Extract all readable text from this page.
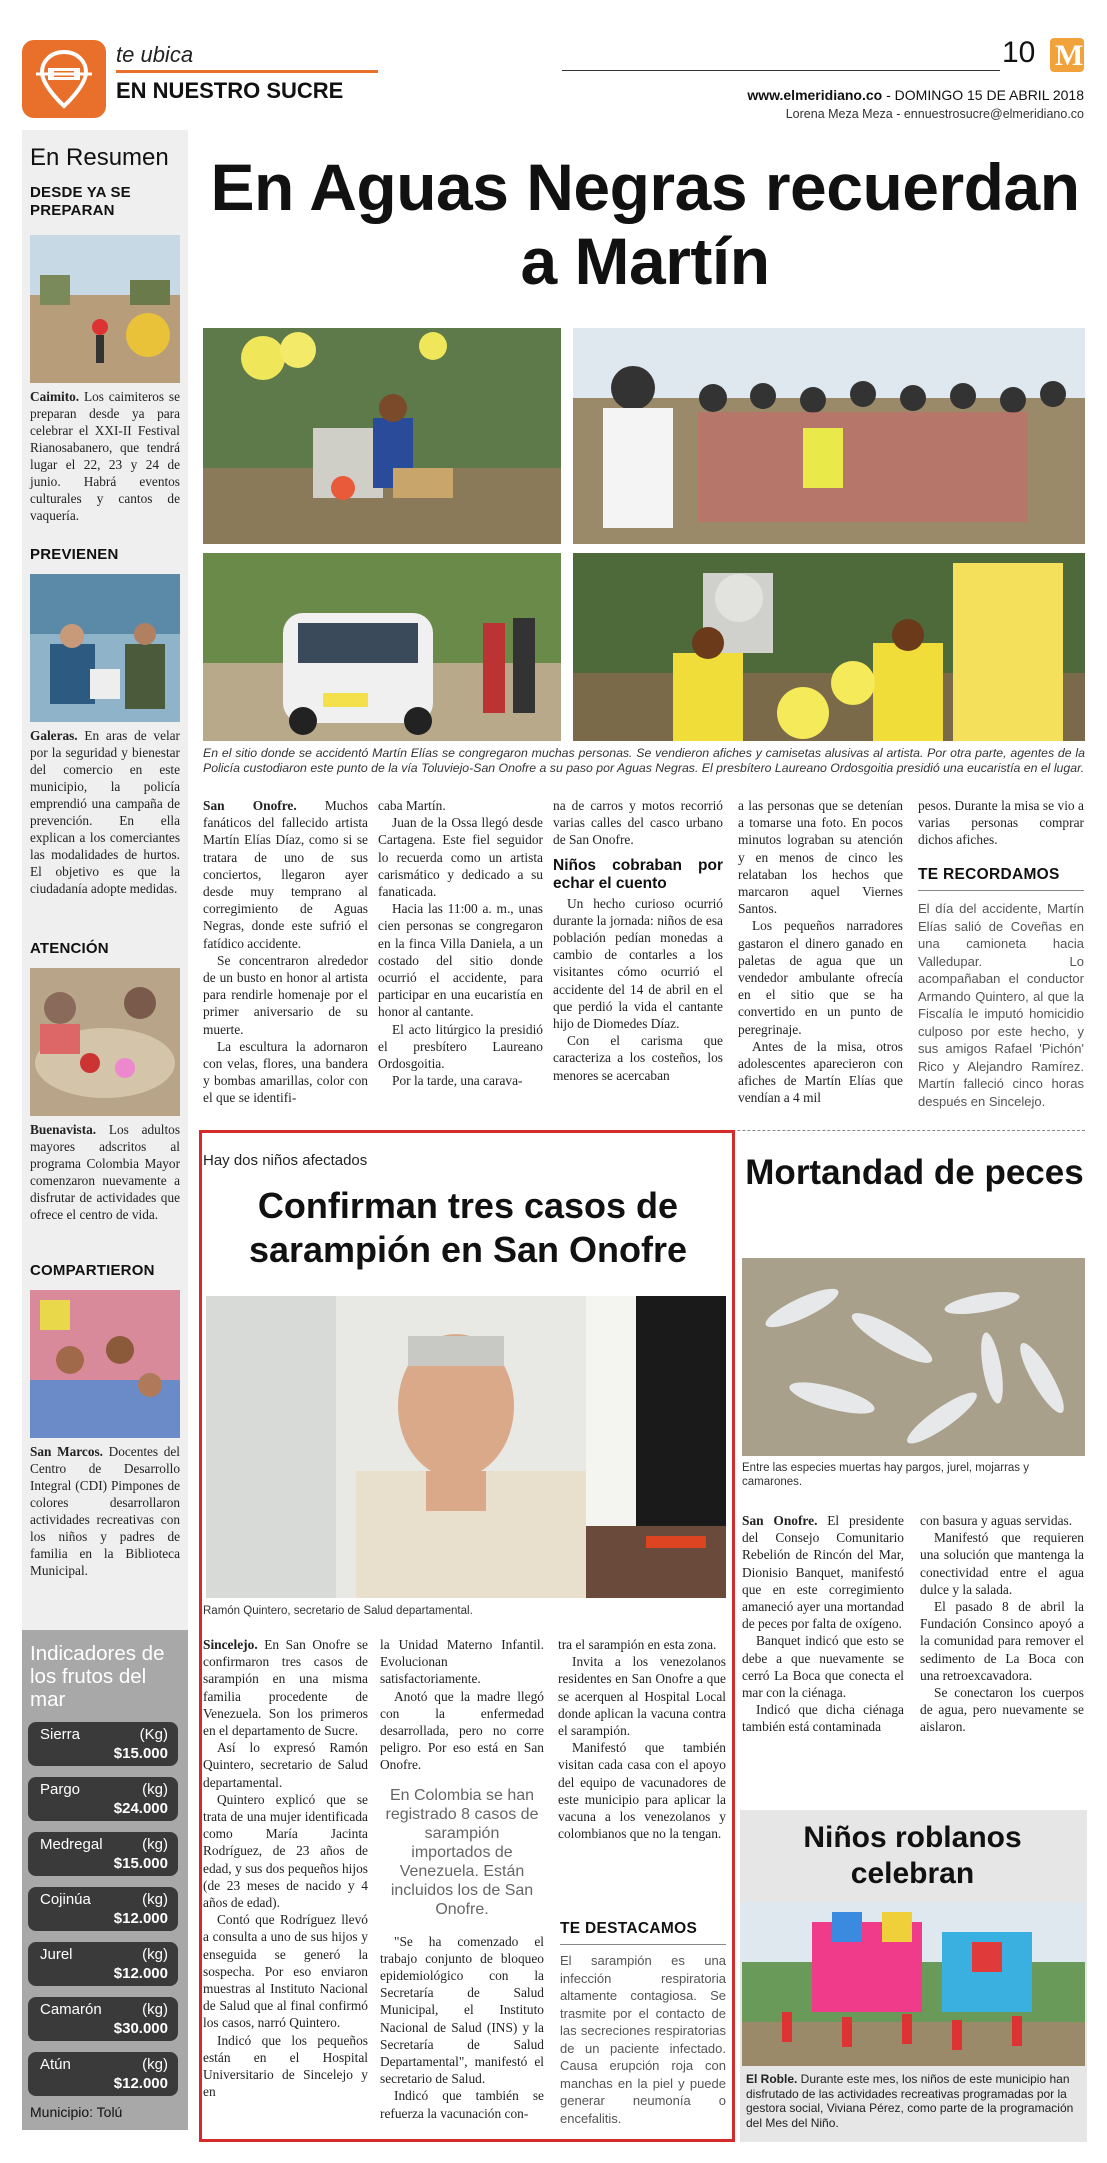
te ubica
EN NUESTRO SUCRE
10 M
www.elmeridiano.co - DOMINGO 15 DE ABRIL 2018
Lorena Meza Meza - ennuestrosucre@elmeridiano.co
En Resumen
DESDE YA SE PREPARAN
Caimito. Los caimiteros se preparan desde ya para celebrar el XXI-II Festival Rianosabanero, que tendrá lugar el 22, 23 y 24 de junio. Habrá eventos culturales y cantos de vaquería.
PREVIENEN
Galeras. En aras de velar por la seguridad y bienestar del comercio en este municipio, la policía emprendió una campaña de prevención. En ella explican a los comerciantes las modalidades de hurtos. El objetivo es que la ciudadanía adopte medidas.
ATENCIÓN
Buenavista. Los adultos mayores adscritos al programa Colombia Mayor comenzaron nuevamente a disfrutar de actividades que ofrece el centro de vida.
COMPARTIERON
San Marcos. Docentes del Centro de Desarrollo Integral (CDI) Pimpones de colores desarrollaron actividades recreativas con los niños y padres de familia en la Biblioteca Municipal.
Indicadores de los frutos del mar
Sierra	(Kg)
$15.000
Pargo	(kg)
$24.000
Medregal	(kg)
$15.000
Cojinúa	(kg)
$12.000
Jurel	(kg)
$12.000
Camarón	(kg)
$30.000
Atún	(kg)
$12.000
Municipio: Tolú
En Aguas Negras recuerdan a Martín
En el sitio donde se accidentó Martín Elías se congregaron muchas personas. Se vendieron afiches y camisetas alusivas al artista. Por otra parte, agentes de la Policía custodiaron este punto de la vía Toluviejo-San Onofre a su paso por Aguas Negras. El presbítero Laureano Ordosgoitia presidió una eucaristía en el lugar.

San Onofre. Muchos fanáticos del fallecido artista Martín Elías Díaz, como si se tratara de uno de sus conciertos, llegaron ayer desde muy temprano al corregimiento de Aguas Negras, donde este sufrió el fatídico accidente.

Se concentraron alrededor de un busto en honor al artista para rendirle homenaje por el primer aniversario de su muerte.

La escultura la adornaron con velas, flores, una bandera y bombas amarillas, color con el que se identifi-

caba Martín.

Juan de la Ossa llegó desde Cartagena. Este fiel seguidor lo recuerda como un artista carismático y dedicado a su fanaticada.

Hacia las 11:00 a. m., unas cien personas se congregaron en la finca Villa Daniela, a un costado del sitio donde ocurrió el accidente, para participar en una eucaristía en honor al cantante.

El acto litúrgico la presidió el presbítero Laureano Ordosgoitia.

Por la tarde, una carava-

na de carros y motos recorrió varias calles del casco urbano de San Onofre.

Niños cobraban por echar el cuento

Un hecho curioso ocurrió durante la jornada: niños de esa población pedían monedas a cambio de contarles a los visitantes cómo ocurrió el accidente del 14 de abril en el que perdió la vida el cantante hijo de Diomedes Díaz.

Con el carisma que caracteriza a los costeños, los menores se acercaban

a las personas que se detenían a tomarse una foto. En pocos minutos lograban su atención y en menos de cinco les relataban los hechos que marcaron aquel Viernes Santos.

Los pequeños narradores gastaron el dinero ganado en paletas de agua que un vendedor ambulante ofrecía en el sitio que se ha convertido en un punto de peregrinaje.

Antes de la misa, otros adolescentes aparecieron con afiches de Martín Elías que vendían a 4 mil

pesos. Durante la misa se vio a varias personas comprar dichos afiches.

TE RECORDAMOS
El día del accidente, Martín Elías salió de Coveñas en una camioneta hacia Valledupar. Lo acompañaban el conductor Armando Quintero, al que la Fiscalía le imputó homicidio culposo por este hecho, y sus amigos Rafael 'Pichón' Rico y Alejandro Ramírez. Martín falleció cinco horas después en Sincelejo.
Hay dos niños afectados
Confirman tres casos de sarampión en San Onofre
Ramón Quintero, secretario de Salud departamental.

Sincelejo. En San Onofre se confirmaron tres casos de sarampión en una misma familia procedente de Venezuela. Son los primeros en el departamento de Sucre.

Así lo expresó Ramón Quintero, secretario de Salud departamental.

Quintero explicó que se trata de una mujer identificada como María Jacinta Rodríguez, de 23 años de edad, y sus dos pequeños hijos (de 23 meses de nacido y 4 años de edad).

Contó que Rodríguez llevó a consulta a uno de sus hijos y enseguida se generó la sospecha. Por eso enviaron muestras al Instituto Nacional de Salud que al final confirmó los casos, narró Quintero.

Indicó que los pequeños están en el Hospital Universitario de Sincelejo y en

la Unidad Materno Infantil. Evolucionan satisfactoriamente.

Anotó que la madre llegó con la enfermedad desarrollada, pero no corre peligro. Por eso está en San Onofre.

En Colombia se han registrado 8 casos de sarampión importados de Venezuela. Están incluidos los de San Onofre.

"Se ha comenzado el trabajo conjunto de bloqueo epidemiológico con la Secretaría de Salud Municipal, el Instituto Nacional de Salud (INS) y la Secretaría de Salud Departamental", manifestó el secretario de Salud.

Indicó que también se refuerza la vacunación con-

tra el sarampión en esta zona.

Invita a los venezolanos residentes en San Onofre a que se acerquen al Hospital Local donde aplican la vacuna contra el sarampión.

Manifestó que también visitan cada casa con el apoyo del equipo de vacunadores de este municipio para aplicar la vacuna a los venezolanos y colombianos que no la tengan.

TE DESTACAMOS
El sarampión es una infección respiratoria altamente contagiosa. Se trasmite por el contacto de las secreciones respiratorias de un paciente infectado. Causa erupción roja con manchas en la piel y puede generar neumonía o encefalitis.
Mortandad de peces
Entre las especies muertas hay pargos, jurel, mojarras y camarones.

San Onofre. El presidente del Consejo Comunitario Rebelión de Rincón del Mar, Dionisio Banquet, manifestó que en este corregimiento amaneció ayer una mortandad de peces por falta de oxígeno.

Banquet indicó que esto se debe a que nuevamente se cerró La Boca que conecta el mar con la ciénaga.

Indicó que dicha ciénaga también está contaminada

con basura y aguas servidas.

Manifestó que requieren una solución que mantenga la conectividad entre el agua dulce y la salada.

El pasado 8 de abril la Fundación Consinco apoyó a la comunidad para remover el sedimento de La Boca con una retroexcavadora.

Se conectaron los cuerpos de agua, pero nuevamente se aislaron.

Niños roblanos celebran
El Roble. Durante este mes, los niños de este municipio han disfrutado de las actividades recreativas programadas por la gestora social, Viviana Pérez, como parte de la programación del Mes del Niño.
